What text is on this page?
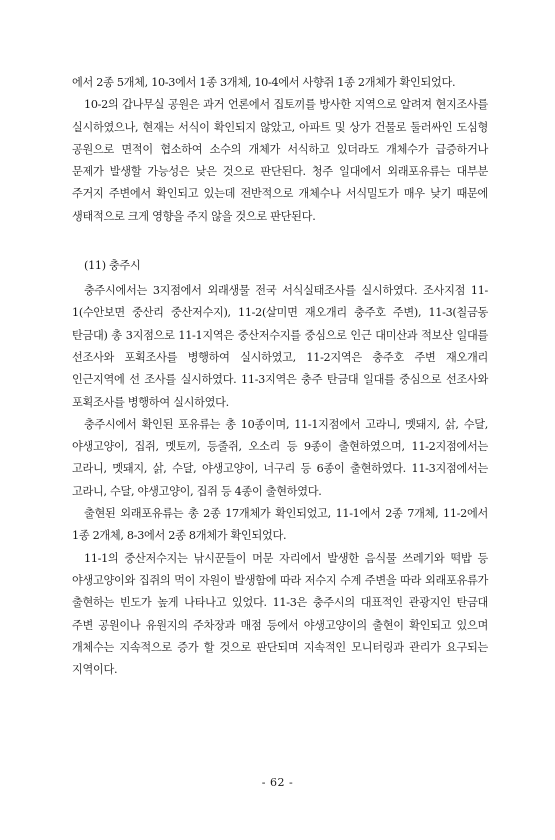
에서 2종 5개체, 10-3에서 1종 3개체, 10-4에서 사향쥐 1종 2개체가 확인되었다.

10-2의 갑나무실 공원은 과거 언론에서 집토끼를 방사한 지역으로 알려져 현지조사를 실시하였으나, 현재는 서식이 확인되지 않았고, 아파트 및 상가 건물로 둘러싸인 도심형 공원으로 면적이 협소하여 소수의 개체가 서식하고 있더라도 개체수가 급증하거나 문제가 발생할 가능성은 낮은 것으로 판단된다. 청주 일대에서 외래포유류는 대부분 주거지 주변에서 확인되고 있는데 전반적으로 개체수나 서식밀도가 매우 낮기 때문에 생태적으로 크게 영향을 주지 않을 것으로 판단된다.

(11) 충주시

충주시에서는 3지점에서 외래생물 전국 서식실태조사를 실시하였다. 조사지점 11-1(수안보면 중산리 중산저수지), 11-2(살미면 재오개리 충주호 주변), 11-3(칠금동 탄금대) 총 3지점으로 11-1지역은 중산저수지를 중심으로 인근 대미산과 적보산 일대를 선조사와 포획조사를 병행하여 실시하였고, 11-2지역은 충주호 주변 재오개리 인근지역에 선 조사를 실시하였다. 11-3지역은 충주 탄금대 일대를 중심으로 선조사와 포획조사를 병행하여 실시하였다.

충주시에서 확인된 포유류는 총 10종이며, 11-1지점에서 고라니, 멧돼지, 삵, 수달, 야생고양이, 집쥐, 멧토끼, 등줄쥐, 오소리 등 9종이 출현하였으며, 11-2지점에서는 고라니, 멧돼지, 삵, 수달, 야생고양이, 너구리 등 6종이 출현하였다. 11-3지점에서는 고라니, 수달, 야생고양이, 집쥐 등 4종이 출현하였다.

출현된 외래포유류는 총 2종 17개체가 확인되었고, 11-1에서 2종 7개체, 11-2에서 1종 2개체, 8-3에서 2종 8개체가 확인되었다.

11-1의 중산저수지는 낚시꾼들이 머문 자리에서 발생한 음식물 쓰레기와 떡밥 등 야생고양이와 집쥐의 먹이 자원이 발생함에 따라 저수지 수계 주변을 따라 외래포유류가 출현하는 빈도가 높게 나타나고 있었다. 11-3은 충주시의 대표적인 관광지인 탄금대 주변 공원이나 유원지의 주차장과 매점 등에서 야생고양이의 출현이 확인되고 있으며 개체수는 지속적으로 증가 할 것으로 판단되며 지속적인 모니터링과 관리가 요구되는 지역이다.

- 62 -
